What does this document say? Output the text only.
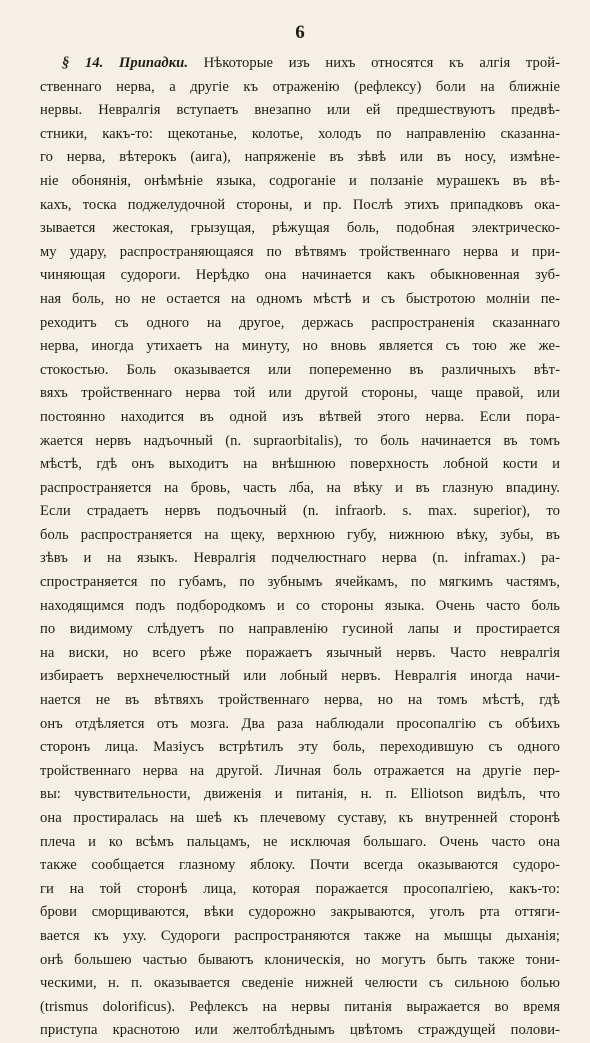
6
§ 14. Припадки. Нѣкоторые изъ нихъ относятся къ алгія трой-
ственнаго нерва, а другіе къ отраженію (рефлексу) боли на ближніе
нервы. Невралгія вступаетъ внезапно или ей предшествуютъ предвѣ-
стники, какъ-то: щекотанье, колотье, холодъ по направленію сказанна-
го нерва, вѣтерокъ (аига), напряженіе въ зѣвѣ или въ носу, измѣне-
ніе обонянія, онѣмѣніе языка, содроганіе и ползаніе мурашекъ въ вѣ-
кахъ, тоска поджелудочной стороны, и пр. Послѣ этихъ припадковъ ока-
зывается жестокая, грызущая, рѣжущая боль, подобная электрическо-
му удару, распространяющаяся по вѣтвямъ тройственнаго нерва и при-
чиняющая судороги. Нерѣдко она начинается какъ обыкновенная зуб-
ная боль, но не остается на одномъ мѣстѣ и съ быстротою молніи пе-
реходитъ съ одного на другое, держась распространенія сказаннаго
нерва, иногда утихаетъ на минуту, но вновь является съ тою же же-
стокостью. Боль оказывается или попеременно въ различныхъ вѣт-
вяхъ тройственнаго нерва той или другой стороны, чаще правой, или
постоянно находится въ одной изъ вѣтвей этого нерва. Если пора-
жается нервъ надъочный (n. supraorbitalis), то боль начинается въ томъ
мѣстѣ, гдѣ онъ выходитъ на внѣшнюю поверхность лобной кости и
распространяется на бровь, часть лба, на вѣку и въ глазную впадину.
Если страдаетъ нервъ подъочный (n. infraorb. s. max. superior), то
боль распространяется на щеку, верхнюю губу, нижнюю вѣку, зубы, въ
зѣвъ и на языкъ. Невралгія подчелюстнаго нерва (n. inframax.) ра-
спространяется по губамъ, по зубнымъ ячейкамъ, по мягкимъ частямъ,
находящимся подъ подбородкомъ и со стороны языка. Очень часто боль
по видимому слѣдуетъ по направленію гусиной лапы и простирается
на виски, но всего рѣже поражаетъ язычный нервъ. Часто невралгія
избираетъ верхнечелюстный или лобный нервъ. Невралгія иногда начи-
нается не въ вѣтвяхъ тройственнаго нерва, но на томъ мѣстѣ, гдѣ
онъ отдѣляется отъ мозга. Два раза наблюдали просопалгію съ обѣихъ
сторонъ лица. Мазіусъ встрѣтилъ эту боль, переходившую съ одного
тройственнаго нерва на другой. Личная боль отражается на другіе пер-
вы: чувствительности, движенія и питанія, н. п. Elliotson видѣлъ, что
она простиралась на шеѣ къ плечевому суставу, къ внутренней сторонѣ
плеча и ко всѣмъ пальцамъ, не исключая большаго. Очень часто она
также сообщается глазному яблоку. Почти всегда оказываются судоро-
ги на той сторонѣ лица, которая поражается просопалгіею, какъ-то:
брови сморщиваются, вѣки судорожно закрываются, уголъ рта оттяги-
вается къ уху. Судороги распространяются также на мышцы дыханія;
онѣ большею частью бываютъ клоническія, но могутъ быть также тони-
ческими, н. п. оказывается сведеніе нижней челюсти съ сильною болью
(trismus dolorificus). Рефлексъ на нервы питанія выражается во время
приступа краснотою или желтоблѣднымъ цвѣтомъ страждущей полови-
